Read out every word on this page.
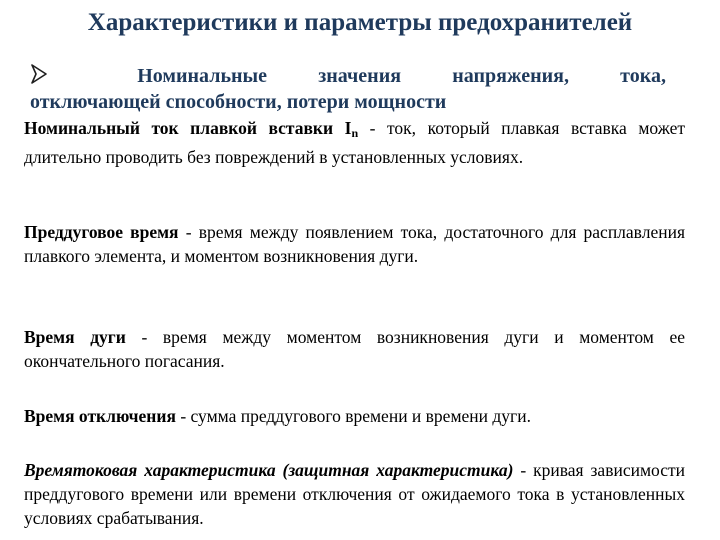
Характеристики и параметры предохранителей
Номинальные	значения	напряжения,	тока,
отключающей способности, потери мощности
Номинальный ток плавкой вставки $I_n$ - ток, который плавкая вставка может длительно проводить без повреждений в установленных условиях.
Преддуговое время - время между появлением тока, достаточного для расплавления плавкого элемента, и моментом возникновения дуги.
Время дуги - время между моментом возникновения дуги и моментом ее окончательного погасания.
Время отключения - сумма преддугового времени и времени дуги.
Времятоковая характеристика (защитная характеристика) - кривая зависимости преддугового времени или времени отключения от ожидаемого тока в установленных условиях срабатывания.
